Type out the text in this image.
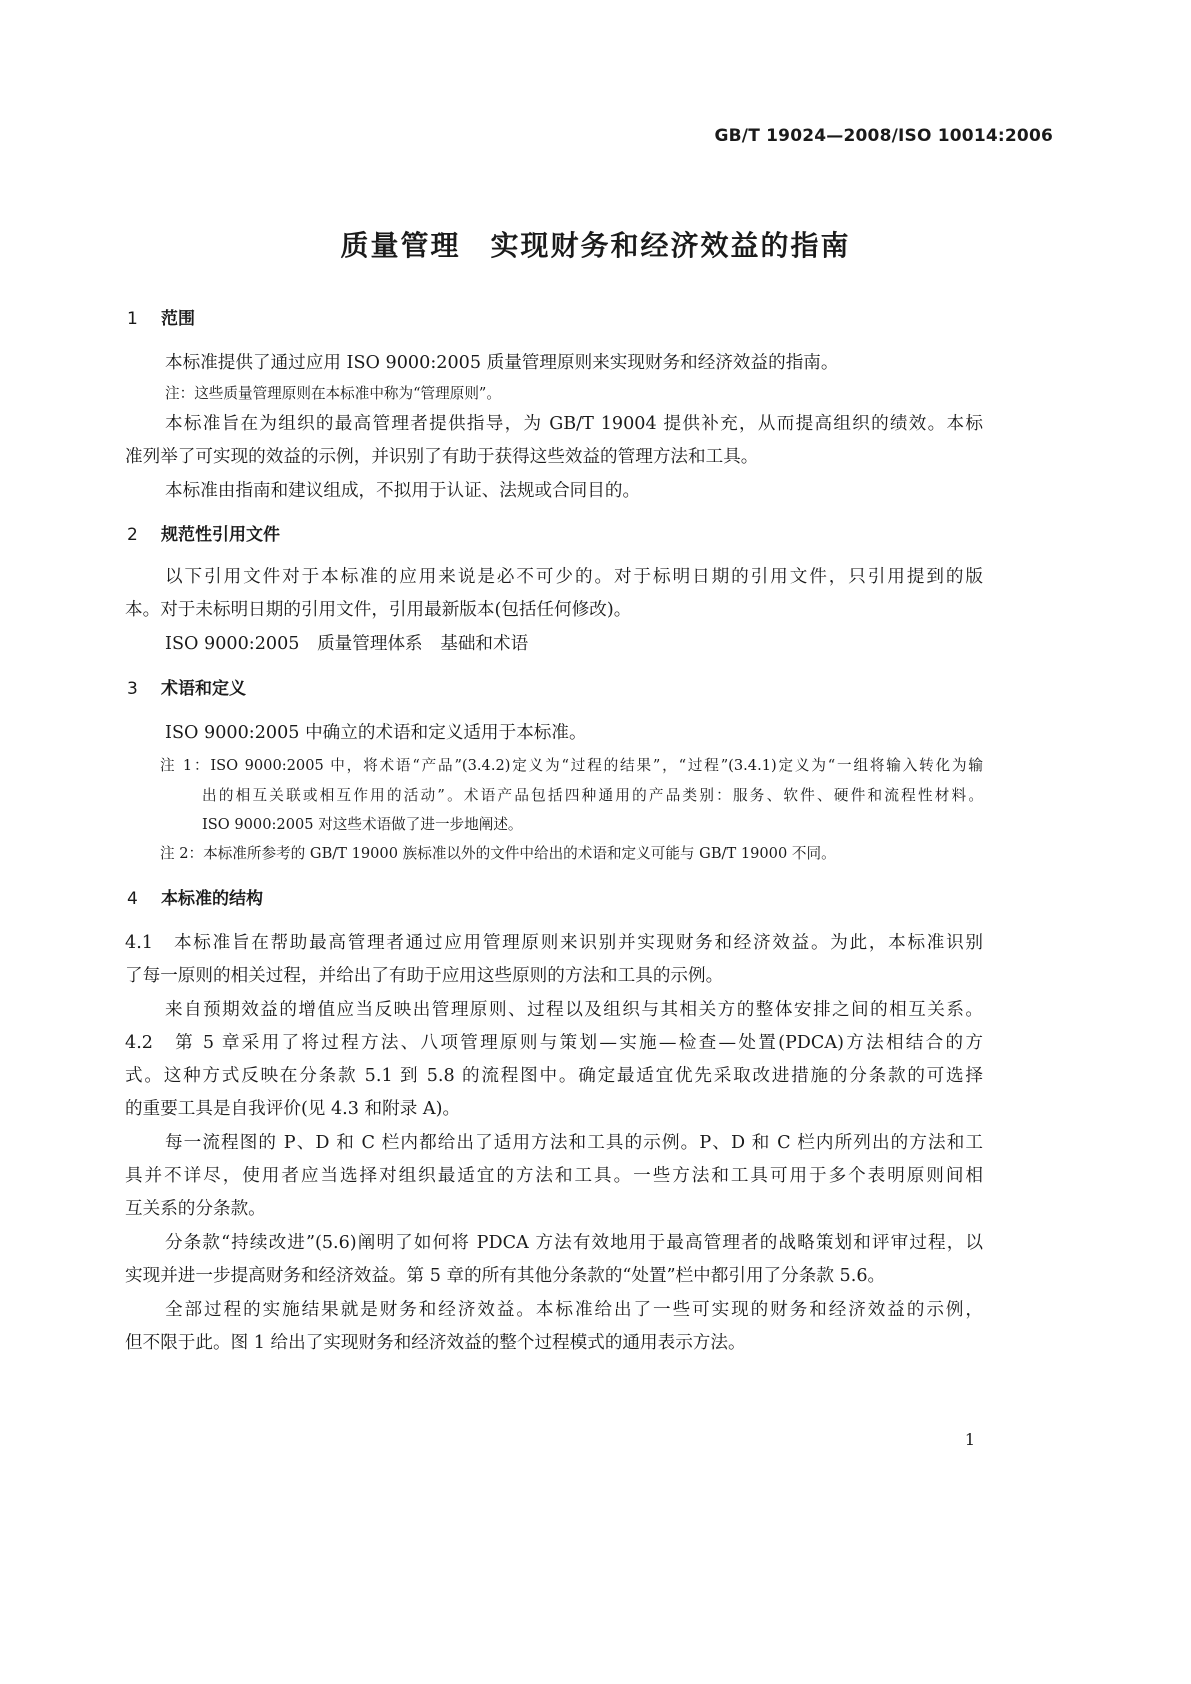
GB/T 19024—2008/ISO 10014:2006
质量管理　实现财务和经济效益的指南
1 范围
本标准提供了通过应用 ISO 9000:2005 质量管理原则来实现财务和经济效益的指南。
注：这些质量管理原则在本标准中称为“管理原则”。
本标准旨在为组织的最高管理者提供指导，为 GB/T 19004 提供补充，从而提高组织的绩效。本标
准列举了可实现的效益的示例，并识别了有助于获得这些效益的管理方法和工具。
本标准由指南和建议组成，不拟用于认证、法规或合同目的。
2 规范性引用文件
以下引用文件对于本标准的应用来说是必不可少的。对于标明日期的引用文件，只引用提到的版
本。对于未标明日期的引用文件，引用最新版本(包括任何修改)。
ISO 9000:2005　质量管理体系　基础和术语
3 术语和定义
ISO 9000:2005 中确立的术语和定义适用于本标准。
注 1：ISO 9000:2005 中，将术语“产品”(3.4.2)定义为“过程的结果”，“过程”(3.4.1)定义为“一组将输入转化为输
出的相互关联或相互作用的活动”。术语产品包括四种通用的产品类别：服务、软件、硬件和流程性材料。
ISO 9000:2005 对这些术语做了进一步地阐述。
注 2：本标准所参考的 GB/T 19000 族标准以外的文件中给出的术语和定义可能与 GB/T 19000 不同。
4 本标准的结构
4.1　本标准旨在帮助最高管理者通过应用管理原则来识别并实现财务和经济效益。为此，本标准识别
了每一原则的相关过程，并给出了有助于应用这些原则的方法和工具的示例。
来自预期效益的增值应当反映出管理原则、过程以及组织与其相关方的整体安排之间的相互关系。
4.2　第 5 章采用了将过程方法、八项管理原则与策划—实施—检查—处置(PDCA)方法相结合的方
式。这种方式反映在分条款 5.1 到 5.8 的流程图中。确定最适宜优先采取改进措施的分条款的可选择
的重要工具是自我评价(见 4.3 和附录 A)。
每一流程图的 P、D 和 C 栏内都给出了适用方法和工具的示例。P、D 和 C 栏内所列出的方法和工
具并不详尽，使用者应当选择对组织最适宜的方法和工具。一些方法和工具可用于多个表明原则间相
互关系的分条款。
分条款“持续改进”(5.6)阐明了如何将 PDCA 方法有效地用于最高管理者的战略策划和评审过程，以
实现并进一步提高财务和经济效益。第 5 章的所有其他分条款的“处置”栏中都引用了分条款 5.6。
全部过程的实施结果就是财务和经济效益。本标准给出了一些可实现的财务和经济效益的示例，
但不限于此。图 1 给出了实现财务和经济效益的整个过程模式的通用表示方法。
1
